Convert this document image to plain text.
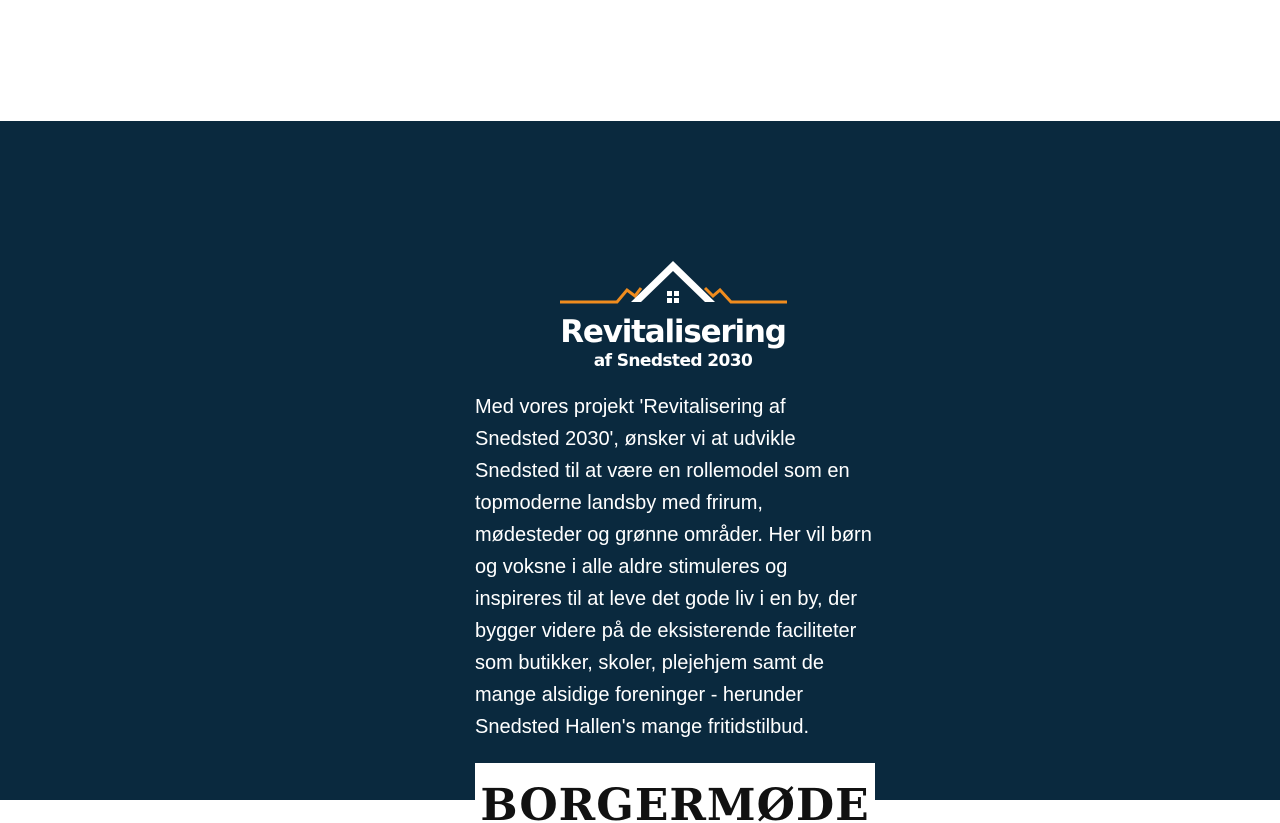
Revitalisering
af Snedsted 2030

Med vores projekt 'Revitalisering af Snedsted 2030', ønsker vi at udvikle Snedsted til at være en rollemodel som en topmoderne landsby med frirum, mødesteder og grønne områder. Her vil børn og voksne i alle aldre stimuleres og inspireres til at leve det gode liv i en by, der bygger videre på de eksisterende faciliteter som butikker, skoler, plejehjem samt de mange alsidige foreninger - herunder Snedsted Hallen's mange fritidstilbud.

BORGERMØDE
